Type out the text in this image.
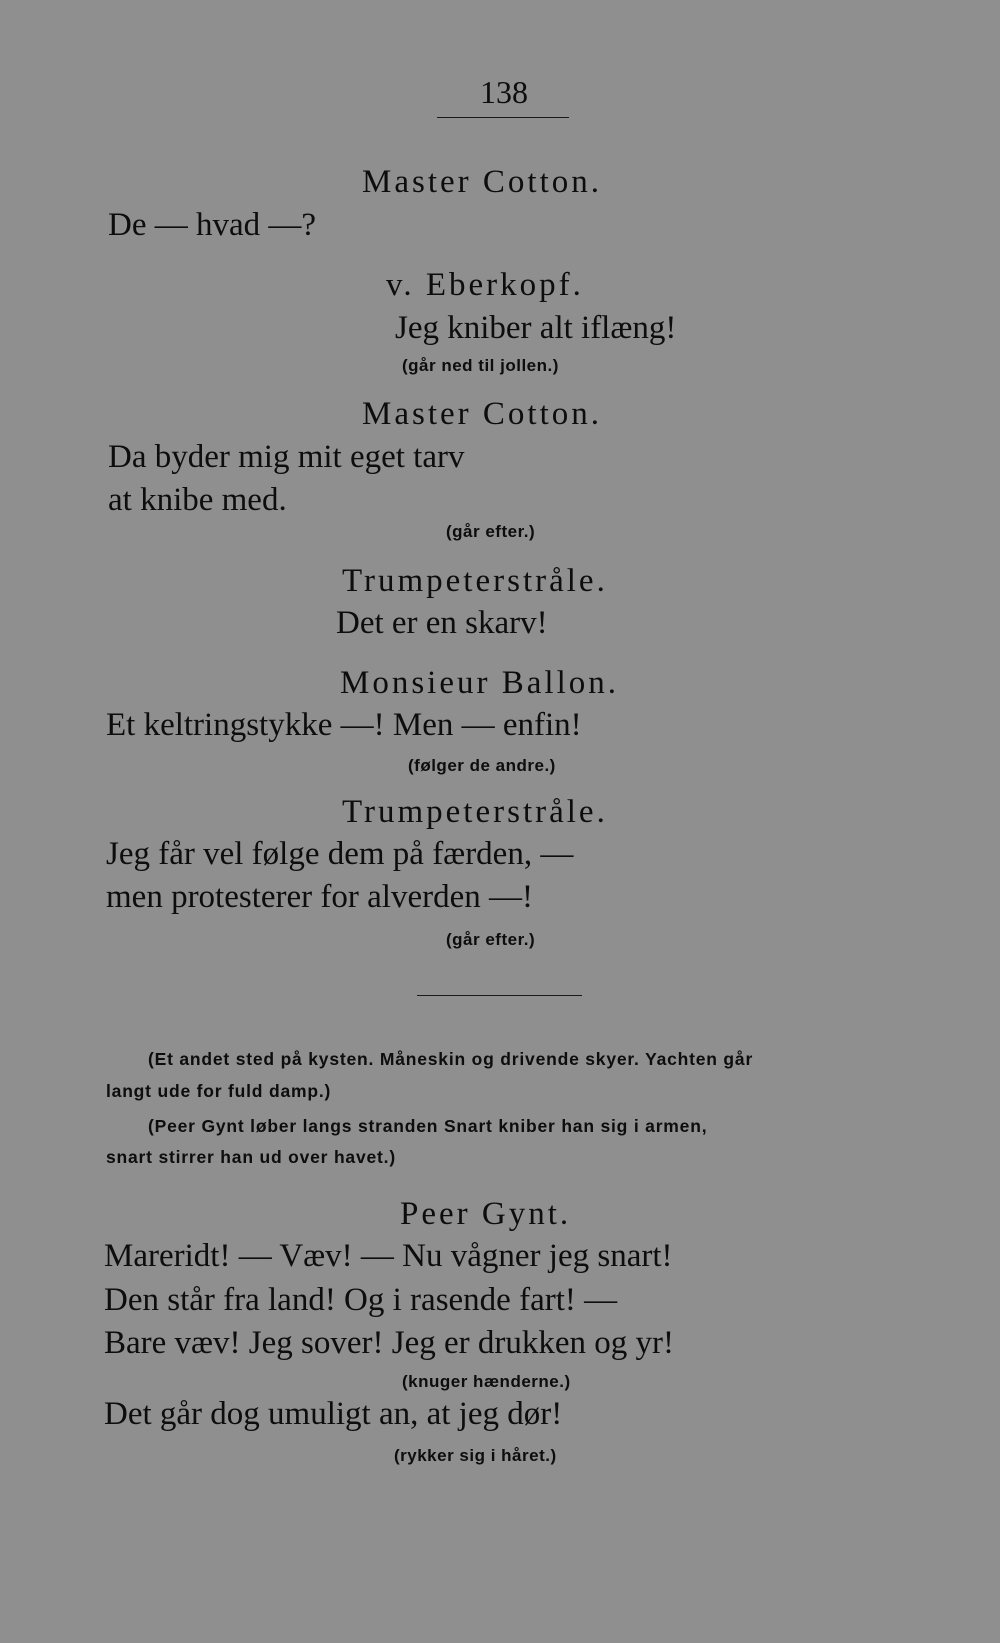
138
Master Cotton.
De — hvad —?
v. Eberkopf.
Jeg kniber alt iflæng!
(går ned til jollen.)
Master Cotton.
Da byder mig mit eget tarv
at knibe med.
(går efter.)
Trumpeterstråle.
Det er en skarv!
Monsieur Ballon.
Et keltringstykke —! Men — enfin!
(følger de andre.)
Trumpeterstråle.
Jeg får vel følge dem på færden, —
men protesterer for alverden —!
(går efter.)
(Et andet sted på kysten. Måneskin og drivende skyer. Yachten går
langt ude for fuld damp.)
(Peer Gynt løber langs stranden Snart kniber han sig i armen,
snart stirrer han ud over havet.)
Peer Gynt.
Mareridt! — Væv! — Nu vågner jeg snart!
Den står fra land! Og i rasende fart! —
Bare væv! Jeg sover! Jeg er drukken og yr!
(knuger hænderne.)
Det går dog umuligt an, at jeg dør!
(rykker sig i håret.)
